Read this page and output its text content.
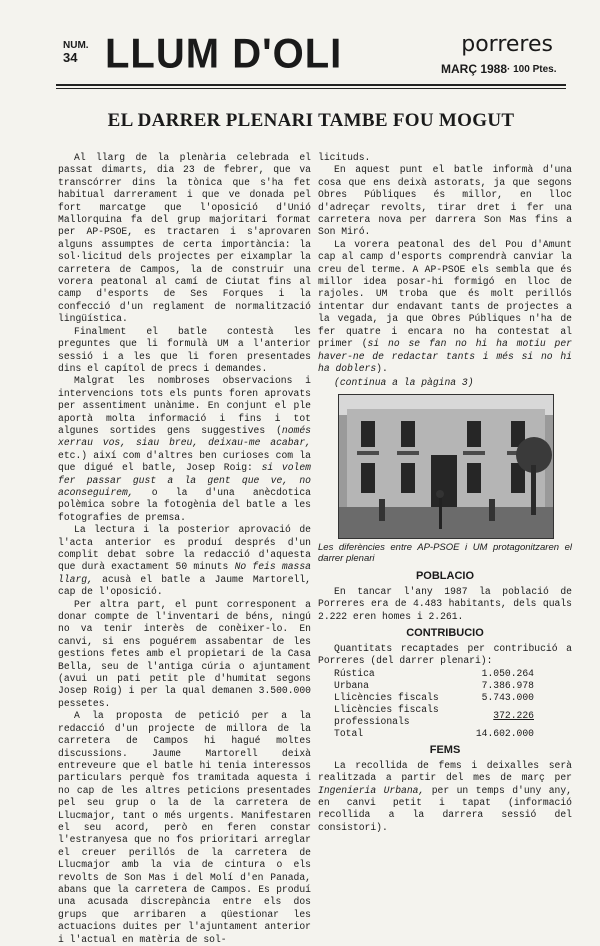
NUM.
34 LLUM D'OLI	porreres
MARÇ 1988 · 100 Ptes.
EL DARRER PLENARI TAMBE FOU MOGUT

Al llarg de la plenària celebrada el passat dimarts, dia 23 de febrer, que va transcórrer dins la tònica que s'ha fet habitual darrerament i que ve donada pel fort marcatge que l'oposició d'Unió Mallorquina fa del grup majoritari format per AP-PSOE, es tractaren i s'aprovaren alguns assumptes de certa importància: la sol·licitud dels projectes per eixamplar la carretera de Campos, la de construir una vorera peatonal al camí de Ciutat fins al camp d'esports de Ses Forques i la confecció d'un reglament de normalització lingüística.

Finalment el batle contestà les preguntes que li formulà UM a l'anterior sessió i a les que li foren presentades dins el capítol de precs i demandes.

Malgrat les nombroses observacions i intervencions tots els punts foren aprovats per assentiment unànime. En conjunt el ple aportà molta informació i fins i tot algunes sortides gens suggestives (només xerrau vos, siau breu, deixau-me acabar, etc.) així com d'altres ben curioses com la que digué el batle, Josep Roig: si volem fer passar gust a la gent que ve, no aconseguirem, o la d'una anècdotica polèmica sobre la fotogènia del batle a les fotografies de premsa.

La lectura i la posterior aprovació de l'acta anterior es produí després d'un complit debat sobre la redacció d'aquesta que durà exactament 50 minuts No feis massa llarg, acusà el batle a Jaume Martorell, cap de l'oposició.

Per altra part, el punt corresponent a donar compte de l'inventari de béns, ningú no va tenir interès de conèixer-lo. En canvi, si ens poguérem assabentar de les gestions fetes amb el propietari de la Casa Bella, seu de l'antiga cúria o ajuntament (avui un pati petit ple d'humitat segons Josep Roig) i per la qual demanen 3.500.000 pessetes.

A la proposta de petició per a la redacció d'un projecte de millora de la carretera de Campos hi hagué moltes discussions. Jaume Martorell deixà entreveure que el batle hi tenia interessos particulars perquè fos tramitada aquesta i no cap de les altres peticions presentades pel seu grup o la de la carretera de Llucmajor, tant o més urgents. Manifestaren el seu acord, però en feren constar l'estranyesa que no fos prioritari arreglar el creuer perillós de la carretera de Llucmajor amb la via de cintura o els revolts de Son Mas i del Molí d'en Panada, abans que la carretera de Campos. Es produí una acusada discrepància entre els dos grups que arribaren a qüestionar les actuacions duites per l'ajuntament anterior i l'actual en matèria de sol-

licituds.

En aquest punt el batle informà d'una cosa que ens deixà astorats, ja que segons Obres Públiques és millor, en lloc d'adreçar revolts, tirar dret i fer una carretera nova per darrera Son Mas fins a Son Miró.

La vorera peatonal des del Pou d'Amunt cap al camp d'esports comprendrà canviar la creu del terme. A AP-PSOE els sembla que és millor idea posar-hi formigó en lloc de rajoles. UM troba que és molt perillós intentar dur endavant tants de projectes a la vegada, ja que Obres Públiques n'ha de fer quatre i encara no ha contestat al primer (si no se fan no hi ha motiu per haver-ne de redactar tants i més si no hi ha doblers).

(continua a la pàgina 3)

Les diferències entre AP-PSOE i UM protagonitzaren el darrer plenari

POBLACIO

En tancar l'any 1987 la població de Porreres era de 4.483 habitants, dels quals 2.222 eren homes i 2.261.

CONTRIBUCIO

Quantitats recaptades per contribució a Porreres (del darrer plenari):

Rústica	1.050.264
Urbana	7.386.978
Llicències fiscals	5.743.000
Llicències fiscals professionals	372.226
Total	14.602.000
FEMS

La recollida de fems i deixalles serà realitzada a partir del mes de març per Ingenieria Urbana, per un temps d'uny any, en canvi petit i tapat (informació recollida a la darrera sessió del consistori).
